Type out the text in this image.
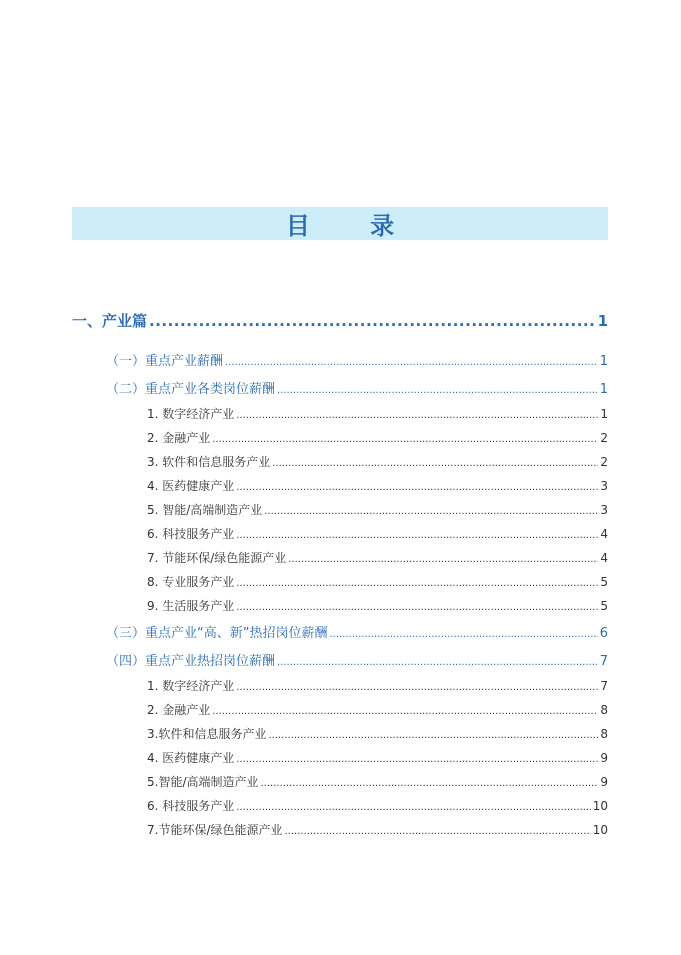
目 录
一、产业篇 .....	1
（一）重点产业薪酬 .....	1
（二）重点产业各类岗位薪酬 .....	1
1. 数字经济产业 .....	1
2. 金融产业 .....	2
3. 软件和信息服务产业 .....	2
4. 医药健康产业 .....	3
5. 智能/高端制造产业 .....	3
6. 科技服务产业 .....	4
7. 节能环保/绿色能源产业 .....	4
8. 专业服务产业 .....	5
9. 生活服务产业 .....	5
（三）重点产业“高、新”热招岗位薪酬 .....	6
（四）重点产业热招岗位薪酬 .....	7
1. 数字经济产业 .....	7
2. 金融产业 .....	8
3.软件和信息服务产业 .....	8
4. 医药健康产业 .....	9
5.智能/高端制造产业 .....	9
6. 科技服务产业 .....	10
7.节能环保/绿色能源产业 .....	10
